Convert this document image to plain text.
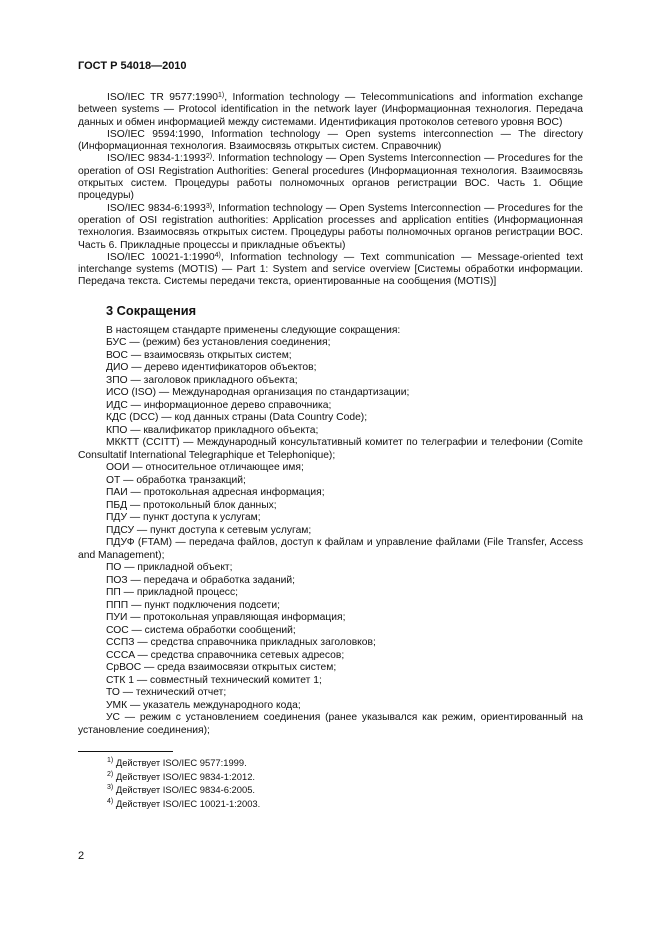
ГОСТ Р 54018—2010

ISO/IEC TR 9577:1990$^{1)}$, Information technology — Telecommunications and information exchange between systems — Protocol identification in the network layer (Информационная технология. Передача данных и обмен информацией между системами. Идентификация протоколов сетевого уровня ВОС)

ISO/IEC 9594:1990, Information technology — Open systems interconnection — The directory (Информационная технология. Взаимосвязь открытых систем. Справочник)

ISO/IEC 9834-1:1993$^{2)}$. Information technology — Open Systems Interconnection — Procedures for the operation of OSI Registration Authorities: General procedures (Информационная технология. Взаимосвязь открытых систем. Процедуры работы полномочных органов регистрации ВОС. Часть 1. Общие процедуры)

ISO/IEC 9834-6:1993$^{3)}$, Information technology — Open Systems Interconnection — Procedures for the operation of OSI registration authorities: Application processes and application entities (Информационная технология. Взаимосвязь открытых систем. Процедуры работы полномочных органов регистрации ВОС. Часть 6. Прикладные процессы и прикладные объекты)

ISO/IEC 10021-1:1990$^{4)}$, Information technology — Text communication — Message-oriented text interchange systems (MOTIS) — Part 1: System and service overview [Системы обработки информации. Передача текста. Системы передачи текста, ориентированные на сообщения (MOTIS)]

3 Сокращения

В настоящем стандарте применены следующие сокращения:

БУС — (режим) без установления соединения;

ВОС — взаимосвязь открытых систем;

ДИО — дерево идентификаторов объектов;

ЗПО — заголовок прикладного объекта;

ИСО (ISO) — Международная организация по стандартизации;

ИДС — информационное дерево справочника;

КДС (DCC) — код данных страны (Data Country Code);

КПО — квалификатор прикладного объекта;

МККТТ (CCITT) — Международный консультативный комитет по телеграфии и телефонии (Comite Consultatif International Telegraphique et Telephonique);

ООИ — относительное отличающее имя;

ОТ — обработка транзакций;

ПАИ — протокольная адресная информация;

ПБД — протокольный блок данных;

ПДУ — пункт доступа к услугам;

ПДСУ — пункт доступа к сетевым услугам;

ПДУФ (FTAM) — передача файлов, доступ к файлам и управление файлами (File Transfer, Access and Management);

ПО — прикладной объект;

ПОЗ — передача и обработка заданий;

ПП — прикладной процесс;

ППП — пункт подключения подсети;

ПУИ — протокольная управляющая информация;

СОС — система обработки сообщений;

ССПЗ — средства справочника прикладных заголовков;

ССCA — средства справочника сетевых адресов;

СрВОС — среда взаимосвязи открытых систем;

СТК 1 — совместный технический комитет 1;

ТО — технический отчет;

УМК — указатель международного кода;

УС — режим с установлением соединения (ранее указывался как режим, ориентированный на установление соединения);

$^{1)}$ Действует ISO/IEC 9577:1999.

$^{2)}$ Действует ISO/IEC 9834-1:2012.

$^{3)}$ Действует ISO/IEC 9834-6:2005.

$^{4)}$ Действует ISO/IEC 10021-1:2003.

2
